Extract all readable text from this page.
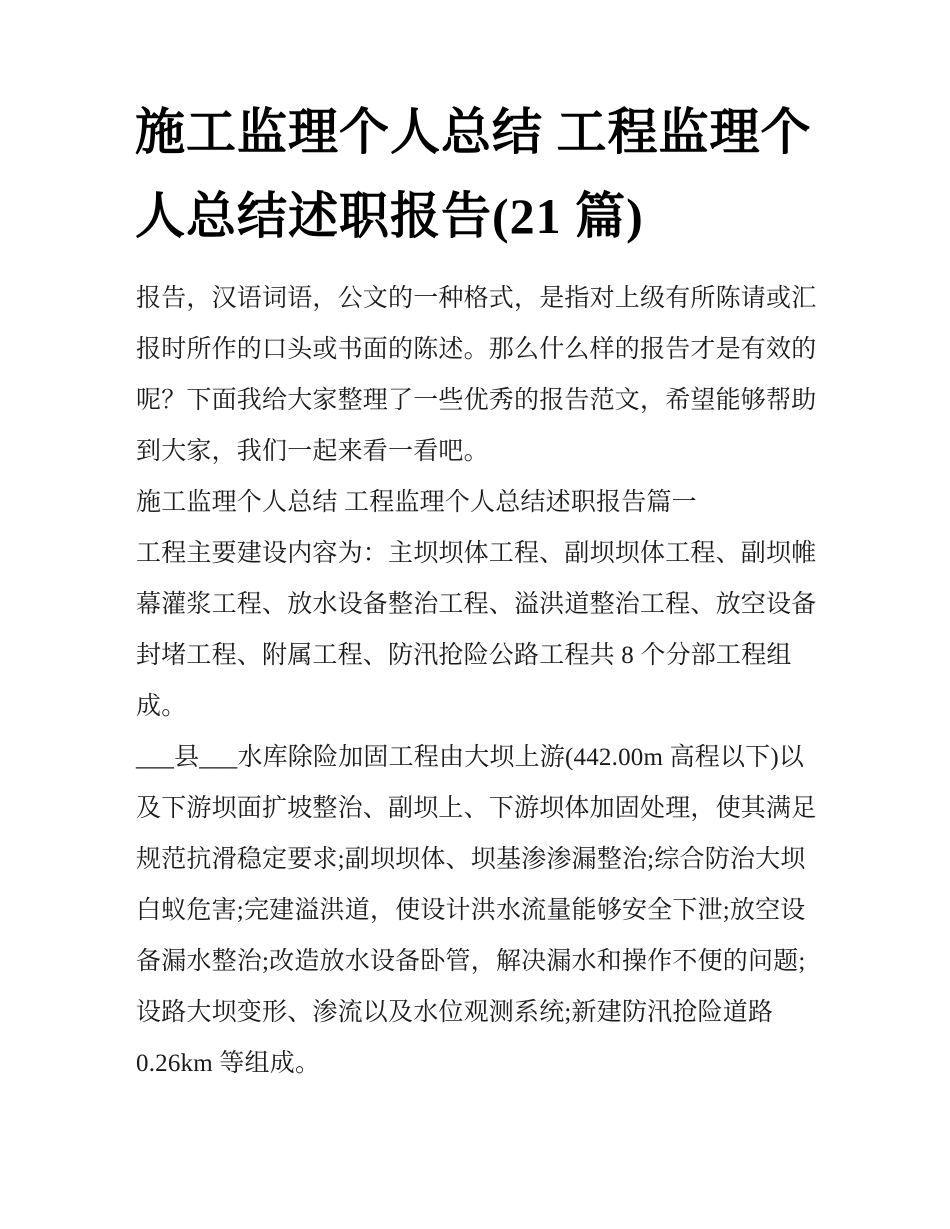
施工监理个人总结 工程监理个
人总结述职报告(21 篇)
报告，汉语词语，公文的一种格式，是指对上级有所陈请或汇
报时所作的口头或书面的陈述。那么什么样的报告才是有效的
呢？下面我给大家整理了一些优秀的报告范文，希望能够帮助
到大家，我们一起来看一看吧。
施工监理个人总结 工程监理个人总结述职报告篇一
工程主要建设内容为：主坝坝体工程、副坝坝体工程、副坝帷
幕灌浆工程、放水设备整治工程、溢洪道整治工程、放空设备
封堵工程、附属工程、防汛抢险公路工程共 8 个分部工程组
成。
___县___水库除险加固工程由大坝上游(442.00m 高程以下)以
及下游坝面扩坡整治、副坝上、下游坝体加固处理，使其满足
规范抗滑稳定要求;副坝坝体、坝基渗渗漏整治;综合防治大坝
白蚁危害;完建溢洪道，使设计洪水流量能够安全下泄;放空设
备漏水整治;改造放水设备卧管，解决漏水和操作不便的问题;
设路大坝变形、渗流以及水位观测系统;新建防汛抢险道路
0.26km 等组成。
